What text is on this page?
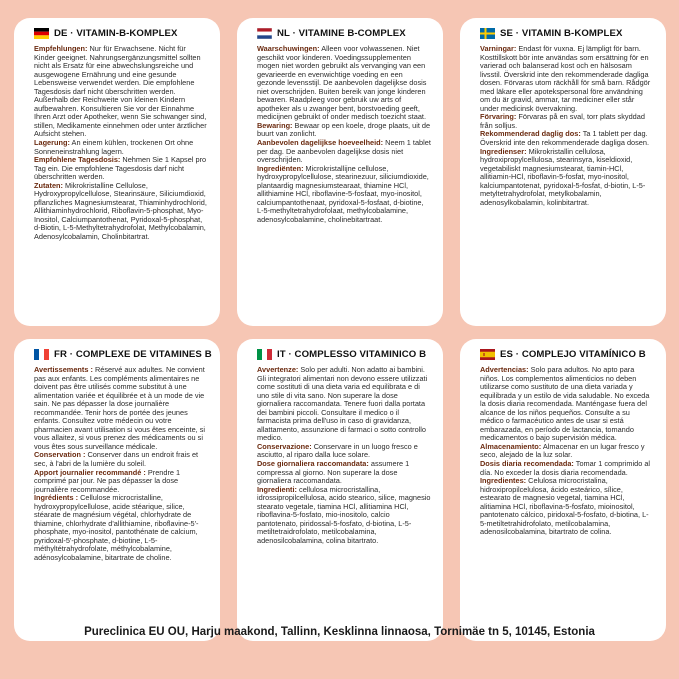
DE · VITAMIN-B-KOMPLEX

Empfehlungen: Nur für Erwachsene. Nicht für Kinder geeignet. Nahrungsergänzungsmittel sollten nicht als Ersatz für eine abwechslungsreiche und ausgewogene Ernährung und eine gesunde Lebensweise verwendet werden. Die empfohlene Tagesdosis darf nicht überschritten werden. Außerhalb der Reichweite von kleinen Kindern aufbewahren. Konsultieren Sie vor der Einnahme Ihren Arzt oder Apotheker, wenn Sie schwanger sind, stillen, Medikamente einnehmen oder unter ärztlicher Aufsicht stehen.

Lagerung: An einem kühlen, trockenen Ort ohne Sonneneinstrahlung lagern.

Empfohlene Tagesdosis: Nehmen Sie 1 Kapsel pro Tag ein. Die empfohlene Tagesdosis darf nicht überschritten werden.

Zutaten: Mikrokristalline Cellulose, Hydroxypropylcellulose, Stearinsäure, Siliciumdioxid, pflanzliches Magnesiumstearat, Thiaminhydrochlorid, Allithiaminhydrochlorid, Riboflavin-5-phosphat, Myo-Inositol, Calciumpantothenat, Pyridoxal-5-phosphat, d-Biotin, L-5-Methyltetrahydrofolat, Methylcobalamin, Adenosylcobalamin, Cholinbitartrat.

NL · VITAMINE B-COMPLEX

Waarschuwingen: Alleen voor volwassenen. Niet geschikt voor kinderen. Voedingssupplementen mogen niet worden gebruikt als vervanging van een gevarieerde en evenwichtige voeding en een gezonde levensstijl. De aanbevolen dagelijkse dosis niet overschrijden. Buiten bereik van jonge kinderen bewaren. Raadpleeg voor gebruik uw arts of apotheker als u zwanger bent, borstvoeding geeft, medicijnen gebruikt of onder medisch toezicht staat.

Bewaring: Bewaar op een koele, droge plaats, uit de buurt van zonlicht.

Aanbevolen dagelijkse hoeveelheid: Neem 1 tablet per dag. De aanbevolen dagelijkse dosis niet overschrijden.

Ingrediënten: Microkristallijne cellulose, hydroxypropylcellulose, stearinezuur, siliciumdioxide, plantaardig magnesiumstearaat, thiamine HCl, allithiamine HCl, riboflavine-5-fosfaat, myo-inositol, calciumpantothenaat, pyridoxal-5-fosfaat, d-biotine, L-5-methyltetrahydrofolaat, methylcobalamine, adenosylcobalamine, cholinebitartraat.

SE · VITAMIN B-KOMPLEX

Varningar: Endast för vuxna. Ej lämpligt för barn. Kosttillskott bör inte användas som ersättning för en varierad och balanserad kost och en hälsosam livsstil. Överskrid inte den rekommenderade dagliga dosen. Förvaras utom räckhåll för små barn. Rådgör med läkare eller apotekspersonal före användning om du är gravid, ammar, tar mediciner eller står under medicinsk övervakning.

Förvaring: Förvaras på en sval, torr plats skyddad från solljus.

Rekommenderad daglig dos: Ta 1 tablett per dag. Överskrid inte den rekommenderade dagliga dosen.

Ingredienser: Mikrokristallin cellulosa, hydroxipropylcellulosa, stearinsyra, kiseldioxid, vegetabiliskt magnesiumstearat, tiamin-HCl, allitiamin-HCl, riboflavin-5-fosfat, myo-inositol, kalciumpantotenat, pyridoxal-5-fosfat, d-biotin, L-5-metyltetrahydrofolat, metylkobalamin, adenosylkobalamin, kolinbitartrat.

FR · COMPLEXE DE VITAMINES B

Avertissements : Réservé aux adultes. Ne convient pas aux enfants. Les compléments alimentaires ne doivent pas être utilisés comme substitut à une alimentation variée et équilibrée et à un mode de vie sain. Ne pas dépasser la dose journalière recommandée. Tenir hors de portée des jeunes enfants. Consultez votre médecin ou votre pharmacien avant utilisation si vous êtes enceinte, si vous allaitez, si vous prenez des médicaments ou si vous êtes sous surveillance médicale.

Conservation : Conserver dans un endroit frais et sec, à l'abri de la lumière du soleil.

Apport journalier recommandé : Prendre 1 comprimé par jour. Ne pas dépasser la dose journalière recommandée.

Ingrédients : Cellulose microcristalline, hydroxypropylcellulose, acide stéarique, silice, stéarate de magnésium végétal, chlorhydrate de thiamine, chlorhydrate d'allithiamine, riboflavine-5'-phosphate, myo-inositol, pantothénate de calcium, pyridoxal-5'-phosphate, d-biotine, L-5-méthyltétrahydrofolate, méthylcobalamine, adénosylcobalamine, bitartrate de choline.

IT · COMPLESSO VITAMINICO B

Avvertenze: Solo per adulti. Non adatto ai bambini. Gli integratori alimentari non devono essere utilizzati come sostituti di una dieta varia ed equilibrata e di uno stile di vita sano. Non superare la dose giornaliera raccomandata. Tenere fuori dalla portata dei bambini piccoli. Consultare il medico o il farmacista prima dell'uso in caso di gravidanza, allattamento, assunzione di farmaci o sotto controllo medico.

Conservazione: Conservare in un luogo fresco e asciutto, al riparo dalla luce solare.

Dose giornaliera raccomandata: assumere 1 compressa al giorno. Non superare la dose giornaliera raccomandata.

Ingredienti: cellulosa microcristallina, idrossipropilcellulosa, acido stearico, silice, magnesio stearato vegetale, tiamina HCl, allitiamina HCl, riboflavina-5-fosfato, mio-inositolo, calcio pantotenato, piridossal-5-fosfato, d-biotina, L-5-metiltetraidrofolato, metilcobalamina, adenosilcobalamina, colina bitartrato.

ES · COMPLEJO VITAMÍNICO B

Advertencias: Solo para adultos. No apto para niños. Los complementos alimenticios no deben utilizarse como sustituto de una dieta variada y equilibrada y un estilo de vida saludable. No exceda la dosis diaria recomendada. Manténgase fuera del alcance de los niños pequeños. Consulte a su médico o farmacéutico antes de usar si está embarazada, en período de lactancia, tomando medicamentos o bajo supervisión médica.

Almacenamiento: Almacenar en un lugar fresco y seco, alejado de la luz solar.

Dosis diaria recomendada: Tomar 1 comprimido al día. No exceder la dosis diaria recomendada.

Ingredientes: Celulosa microcristalina, hidroxipropilcelulosa, ácido esteárico, sílice, estearato de magnesio vegetal, tiamina HCl, alitiamina HCl, riboflavina-5-fosfato, mioinositol, pantotenato cálcico, piridoxal-5-fosfato, d-biotina, L-5-metiltetrahidrofolato, metilcobalamina, adenosilcobalamina, bitartrato de colina.

Pureclinica EU OU, Harju maakond, Tallinn, Kesklinna linnaosa, Tornimäe tn 5, 10145, Estonia
